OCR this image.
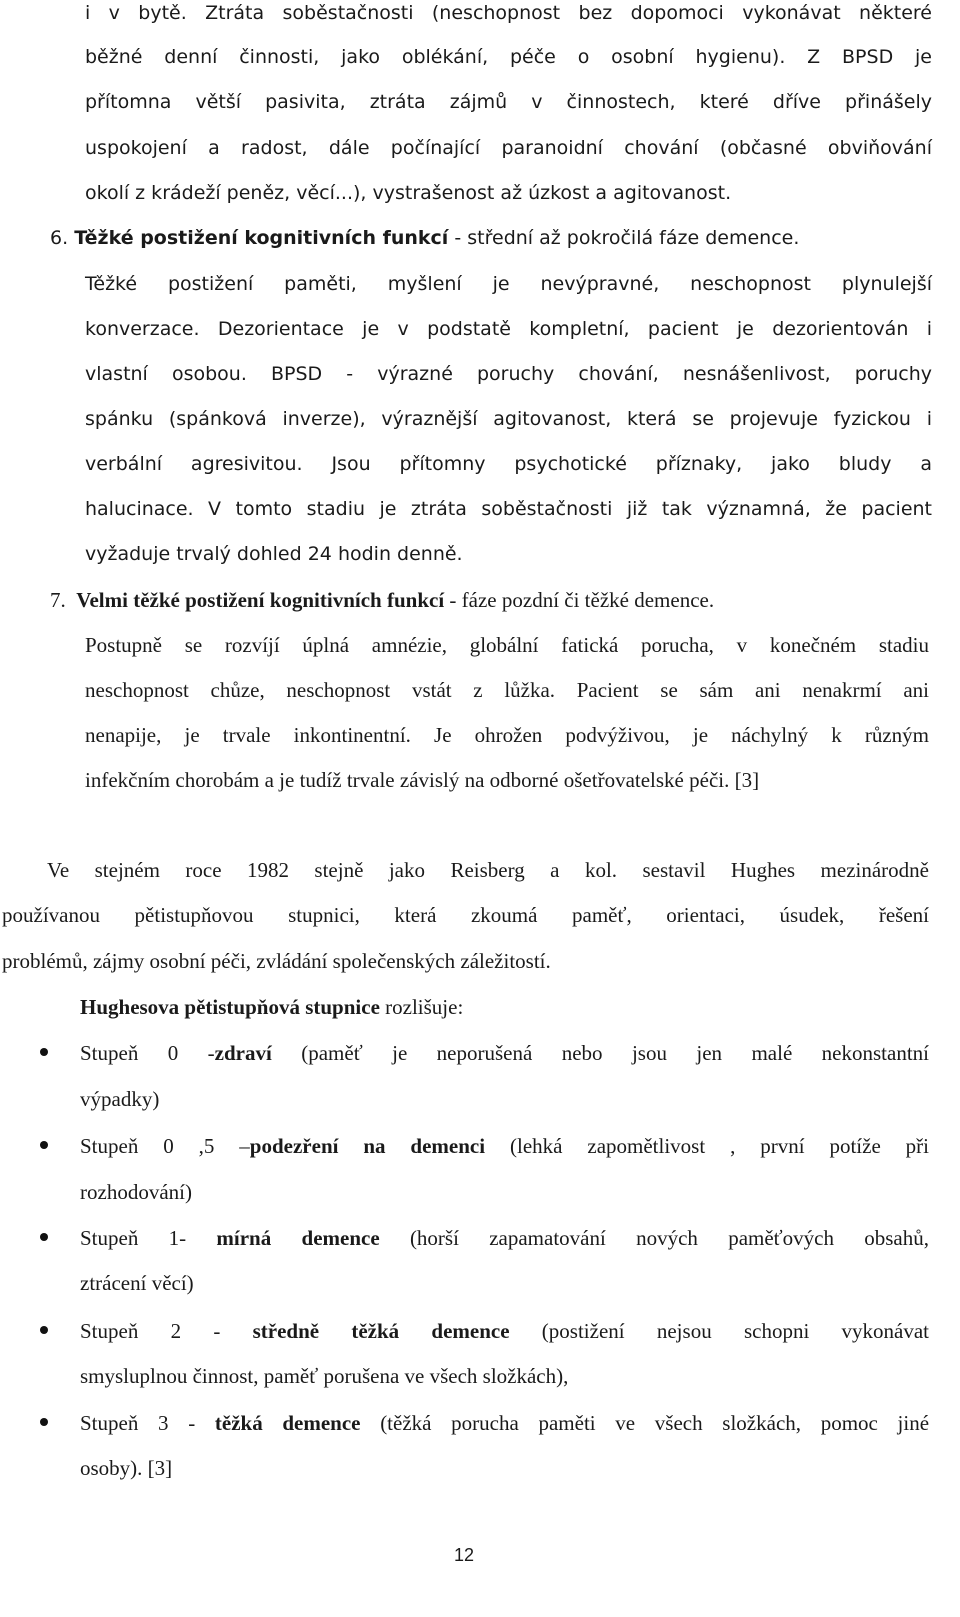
i v bytě. Ztráta soběstačnosti (neschopnost bez dopomoci vykonávat některé
běžné denní činnosti, jako oblékání, péče o osobní hygienu). Z BPSD je
přítomna větší pasivita, ztráta zájmů v činnostech, které dříve přinášely
uspokojení a radost, dále počínající paranoidní chování (občasné obviňování
okolí z krádeží peněz, věcí...), vystrašenost až úzkost a agitovanost.
6. Těžké postižení kognitivních funkcí - střední až pokročilá fáze demence.
Těžké postižení paměti, myšlení je nevýpravné, neschopnost plynulejší
konverzace. Dezorientace je v podstatě kompletní, pacient je dezorientován i
vlastní osobou. BPSD - výrazné poruchy chování, nesnášenlivost, poruchy
spánku (spánková inverze), výraznější agitovanost, která se projevuje fyzickou i
verbální agresivitou. Jsou přítomny psychotické příznaky, jako bludy a
halucinace. V tomto stadiu je ztráta soběstačnosti již tak významná, že pacient
vyžaduje trvalý dohled 24 hodin denně.
7. Velmi těžké postižení kognitivních funkcí - fáze pozdní či těžké demence.
Postupně se rozvíjí úplná amnézie, globální fatická porucha, v konečném stadiu
neschopnost chůze, neschopnost vstát z lůžka. Pacient se sám ani nenakrmí ani
nenapije, je trvale inkontinentní. Je ohrožen podvýživou, je náchylný k různým
infekčním chorobám a je tudíž trvale závislý na odborné ošetřovatelské péči. [3]
Ve stejném roce 1982 stejně jako Reisberg a kol. sestavil Hughes mezinárodně
používanou pětistupňovou stupnici, která zkoumá paměť, orientaci, úsudek, řešení
problémů, zájmy osobní péči, zvládání společenských záležitostí.
Hughesova pětistupňová stupnice rozlišuje:
Stupeň 0 -zdraví (paměť je neporušená nebo jsou jen malé nekonstantní
výpadky)
Stupeň 0 ,5 –podezření na demenci (lehká zapomětlivost , první potíže při
rozhodování)
Stupeň 1- mírná demence (horší zapamatování nových paměťových obsahů,
ztrácení věcí)
Stupeň 2 - středně těžká demence (postižení nejsou schopni vykonávat
smysluplnou činnost, paměť porušena ve všech složkách),
Stupeň 3 - těžká demence (těžká porucha paměti ve všech složkách, pomoc jiné
osoby). [3]
12
